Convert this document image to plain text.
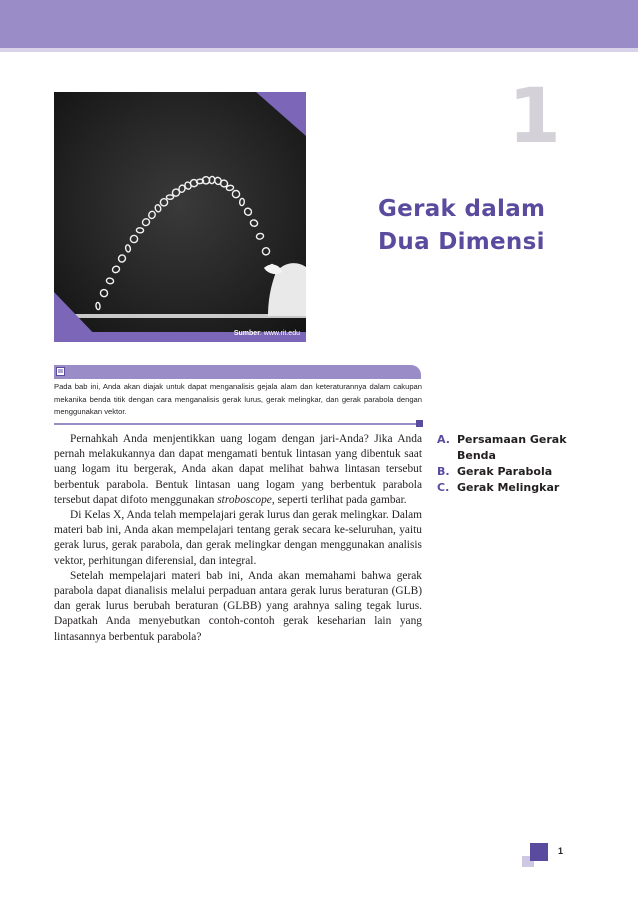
Sumber: www.rit.edu
1
Gerak dalam
Dua Dimensi
Pada bab ini, Anda akan diajak untuk dapat menganalisis gejala alam dan keteraturannya dalam cakupan mekanika benda titik dengan cara menganalisis gerak lurus, gerak melingkar, dan gerak parabola dengan menggunakan vektor.

Pernahkah Anda menjentikkan uang logam dengan jari-Anda? Jika Anda pernah melakukannya dan dapat mengamati bentuk lintasan yang dibentuk saat uang logam itu bergerak, Anda akan dapat melihat bahwa lintasan tersebut berbentuk parabola. Bentuk lintasan uang logam yang berbentuk parabola tersebut dapat difoto menggunakan stroboscope, seperti terlihat pada gambar.

Di Kelas X, Anda telah mempelajari gerak lurus dan gerak melingkar. Dalam materi bab ini, Anda akan mempelajari tentang gerak secara ke-seluruhan, yaitu gerak lurus, gerak parabola, dan gerak melingkar dengan menggunakan analisis vektor, perhitungan diferensial, dan integral.

Setelah mempelajari materi bab ini, Anda akan memahami bahwa gerak parabola dapat dianalisis melalui perpaduan antara gerak lurus beraturan (GLB) dan gerak lurus berubah beraturan (GLBB) yang arahnya saling tegak lurus. Dapatkah Anda menyebutkan contoh-contoh gerak keseharian lain yang lintasannya berbentuk parabola?

A. Persamaan Gerak Benda
B. Gerak Parabola
C. Gerak Melingkar
1
